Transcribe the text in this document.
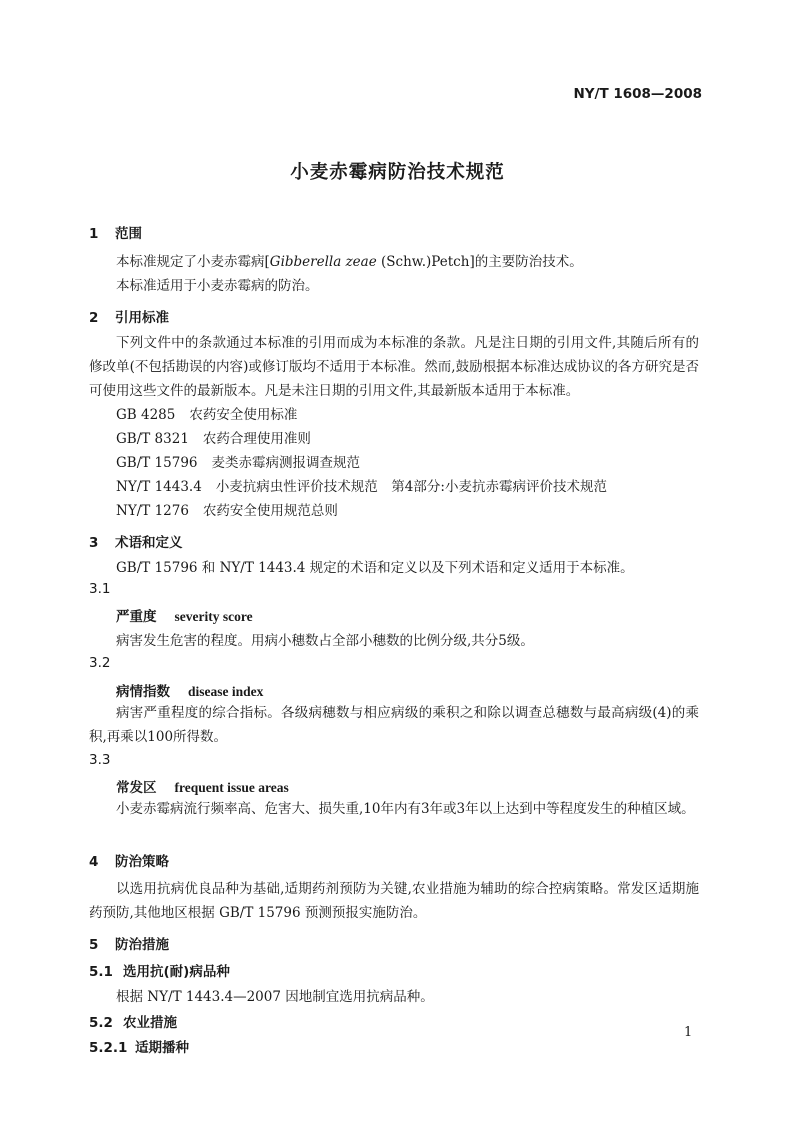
NY/T 1608—2008
小麦赤霉病防治技术规范
1 范围
本标准规定了小麦赤霉病[Gibberella zeae (Schw.)Petch]的主要防治技术。
本标准适用于小麦赤霉病的防治。
2 引用标准
下列文件中的条款通过本标准的引用而成为本标准的条款。凡是注日期的引用文件,其随后所有的修改单(不包括勘误的内容)或修订版均不适用于本标准。然而,鼓励根据本标准达成协议的各方研究是否可使用这些文件的最新版本。凡是未注日期的引用文件,其最新版本适用于本标准。
GB 4285 农药安全使用标准
GB/T 8321 农药合理使用准则
GB/T 15796 麦类赤霉病测报调查规范
NY/T 1443.4 小麦抗病虫性评价技术规范　第4部分:小麦抗赤霉病评价技术规范
NY/T 1276 农药安全使用规范总则
3 术语和定义
GB/T 15796 和 NY/T 1443.4 规定的术语和定义以及下列术语和定义适用于本标准。
3.1
严重度 severity score
病害发生危害的程度。用病小穗数占全部小穗数的比例分级,共分5级。
3.2
病情指数 disease index
病害严重程度的综合指标。各级病穗数与相应病级的乘积之和除以调查总穗数与最高病级(4)的乘积,再乘以100所得数。
3.3
常发区 frequent issue areas
小麦赤霉病流行频率高、危害大、损失重,10年内有3年或3年以上达到中等程度发生的种植区域。
4 防治策略
以选用抗病优良品种为基础,适期药剂预防为关键,农业措施为辅助的综合控病策略。常发区适期施药预防,其他地区根据 GB/T 15796 预测预报实施防治。
5 防治措施
5.1 选用抗(耐)病品种
根据 NY/T 1443.4—2007 因地制宜选用抗病品种。
5.2 农业措施
5.2.1 适期播种
1
